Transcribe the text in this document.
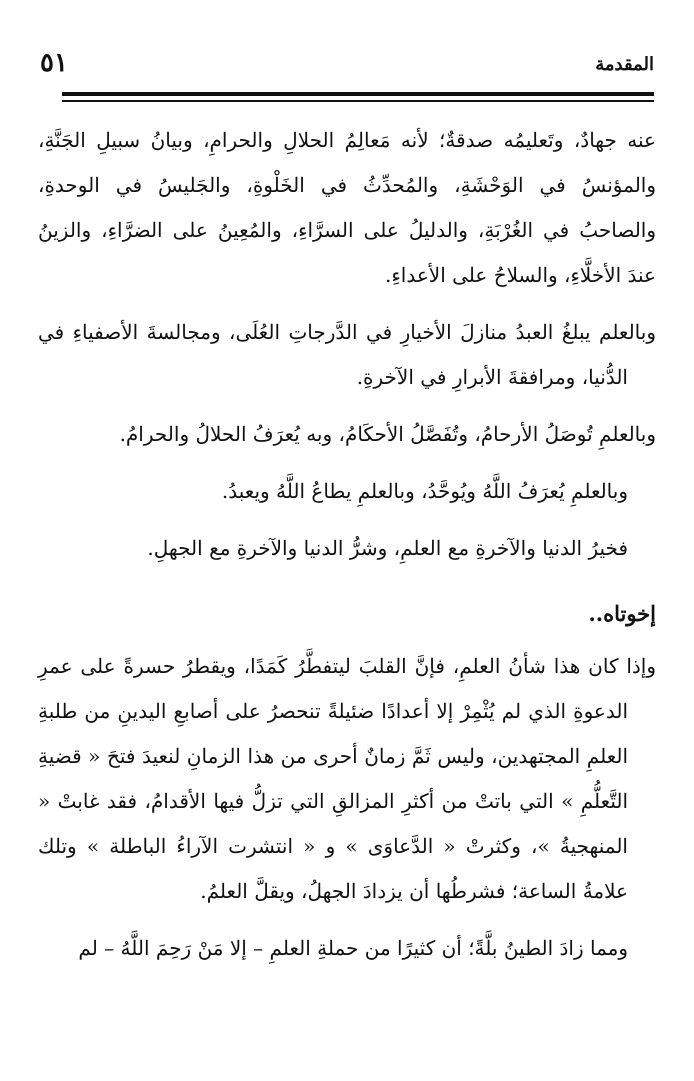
المقدمة
٥١

عنه جهادٌ، وتَعليمُه صدقةٌ؛ لأنه مَعالِمُ الحلالِ والحرامِ، وبيانُ سبيلِ الجَنَّةِ، والمؤنسُ في الوَحْشَةِ، والمُحدِّثُ في الخَلْوةِ، والجَليسُ في الوحدةِ، والصاحبُ في الغُرْبَةِ، والدليلُ على السرَّاءِ، والمُعِينُ على الضرَّاءِ، والزينُ عندَ الأخلَّاءِ، والسلاحُ على الأعداءِ.

وبالعلم يبلغُ العبدُ منازلَ الأخيارِ في الدَّرجاتِ العُلَى، ومجالسةَ الأصفياءِ في الدُّنيا، ومرافقةَ الأبرارِ في الآخرةِ.

وبالعلمِ تُوصَلُ الأرحامُ، وتُفَصَّلُ الأحكَامُ، وبه يُعرَفُ الحلالُ والحرامُ.

وبالعلمِ يُعرَفُ اللَّهُ ويُوحَّدُ، وبالعلمِ يطاعُ اللَّهُ ويعبدُ.

فخيرُ الدنيا والآخرةِ مع العلمِ، وشرُّ الدنيا والآخرةِ مع الجهلِ.

إخوتاه..

وإذا كان هذا شأنُ العلمِ، فإنَّ القلبَ ليتفطَّرُ كَمَدًا، ويقطرُ حسرةً على عمرِ الدعوةِ الذي لم يُثْمِرْ إلا أعدادًا ضئيلةً تنحصرُ على أصابعِ اليدينِ من طلبةِ العلمِ المجتهدين، وليس ثَمَّ زمانٌ أحرى من هذا الزمانِ لنعيدَ فتحَ « قضيةِ التَّعلُّمِ » التي باتتْ من أكثرِ المزالقِ التي تزلُّ فيها الأقدامُ، فقد غابتْ « المنهجيةُ »، وكثرتْ « الدَّعاوَى » و « انتشرت الآراءُ الباطلة » وتلك علامةُ الساعة؛ فشرطُها أن يزدادَ الجهلُ، ويقلَّ العلمُ.

ومما زادَ الطينُ بلَّةً؛ أن كثيرًا من حملةِ العلمِ – إلا مَنْ رَحِمَ اللَّهُ – لم
